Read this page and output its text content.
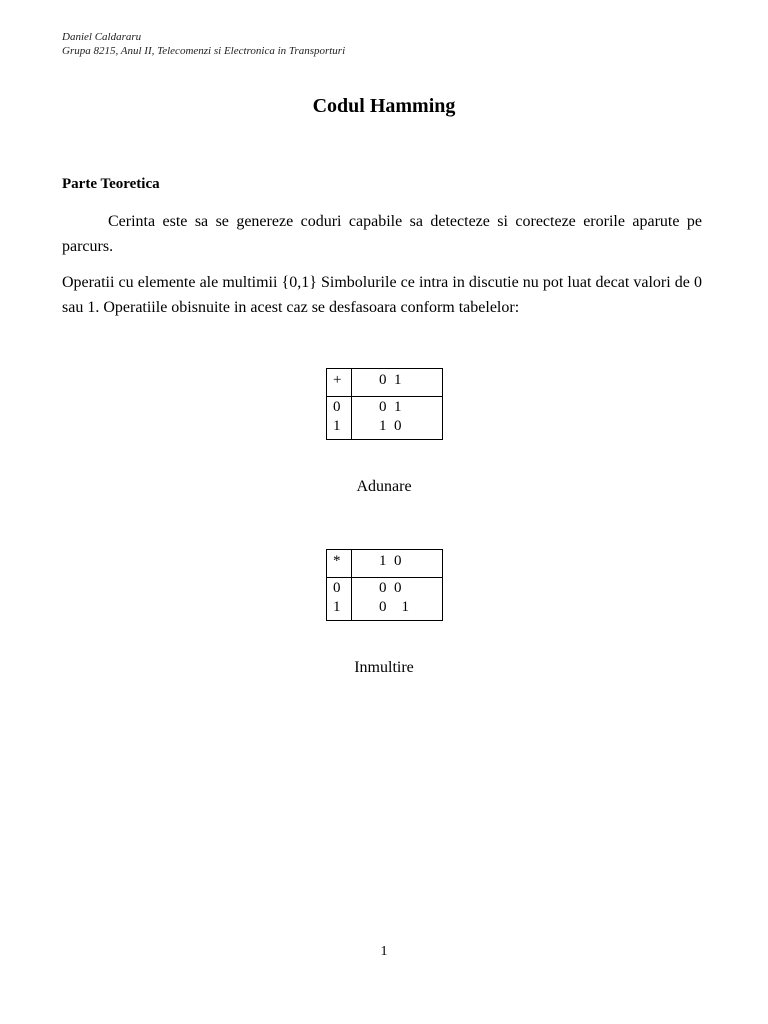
Daniel Caldararu
Grupa 8215, Anul II, Telecomenzi si Electronica in Transporturi
Codul Hamming
Parte Teoretica
Cerinta este sa se genereze coduri capabile sa detecteze si corecteze erorile aparute pe parcurs.
Operatii cu elemente ale multimii {0,1} Simbolurile ce intra in discutie nu pot luat decat valori de 0 sau 1. Operatiile obisnuite in acest caz se desfasoara conform tabelelor:
+	0  1
0
1
0  1
1  0
Adunare
*	1  0
0
1
0  0
0    1
Inmultire
1
